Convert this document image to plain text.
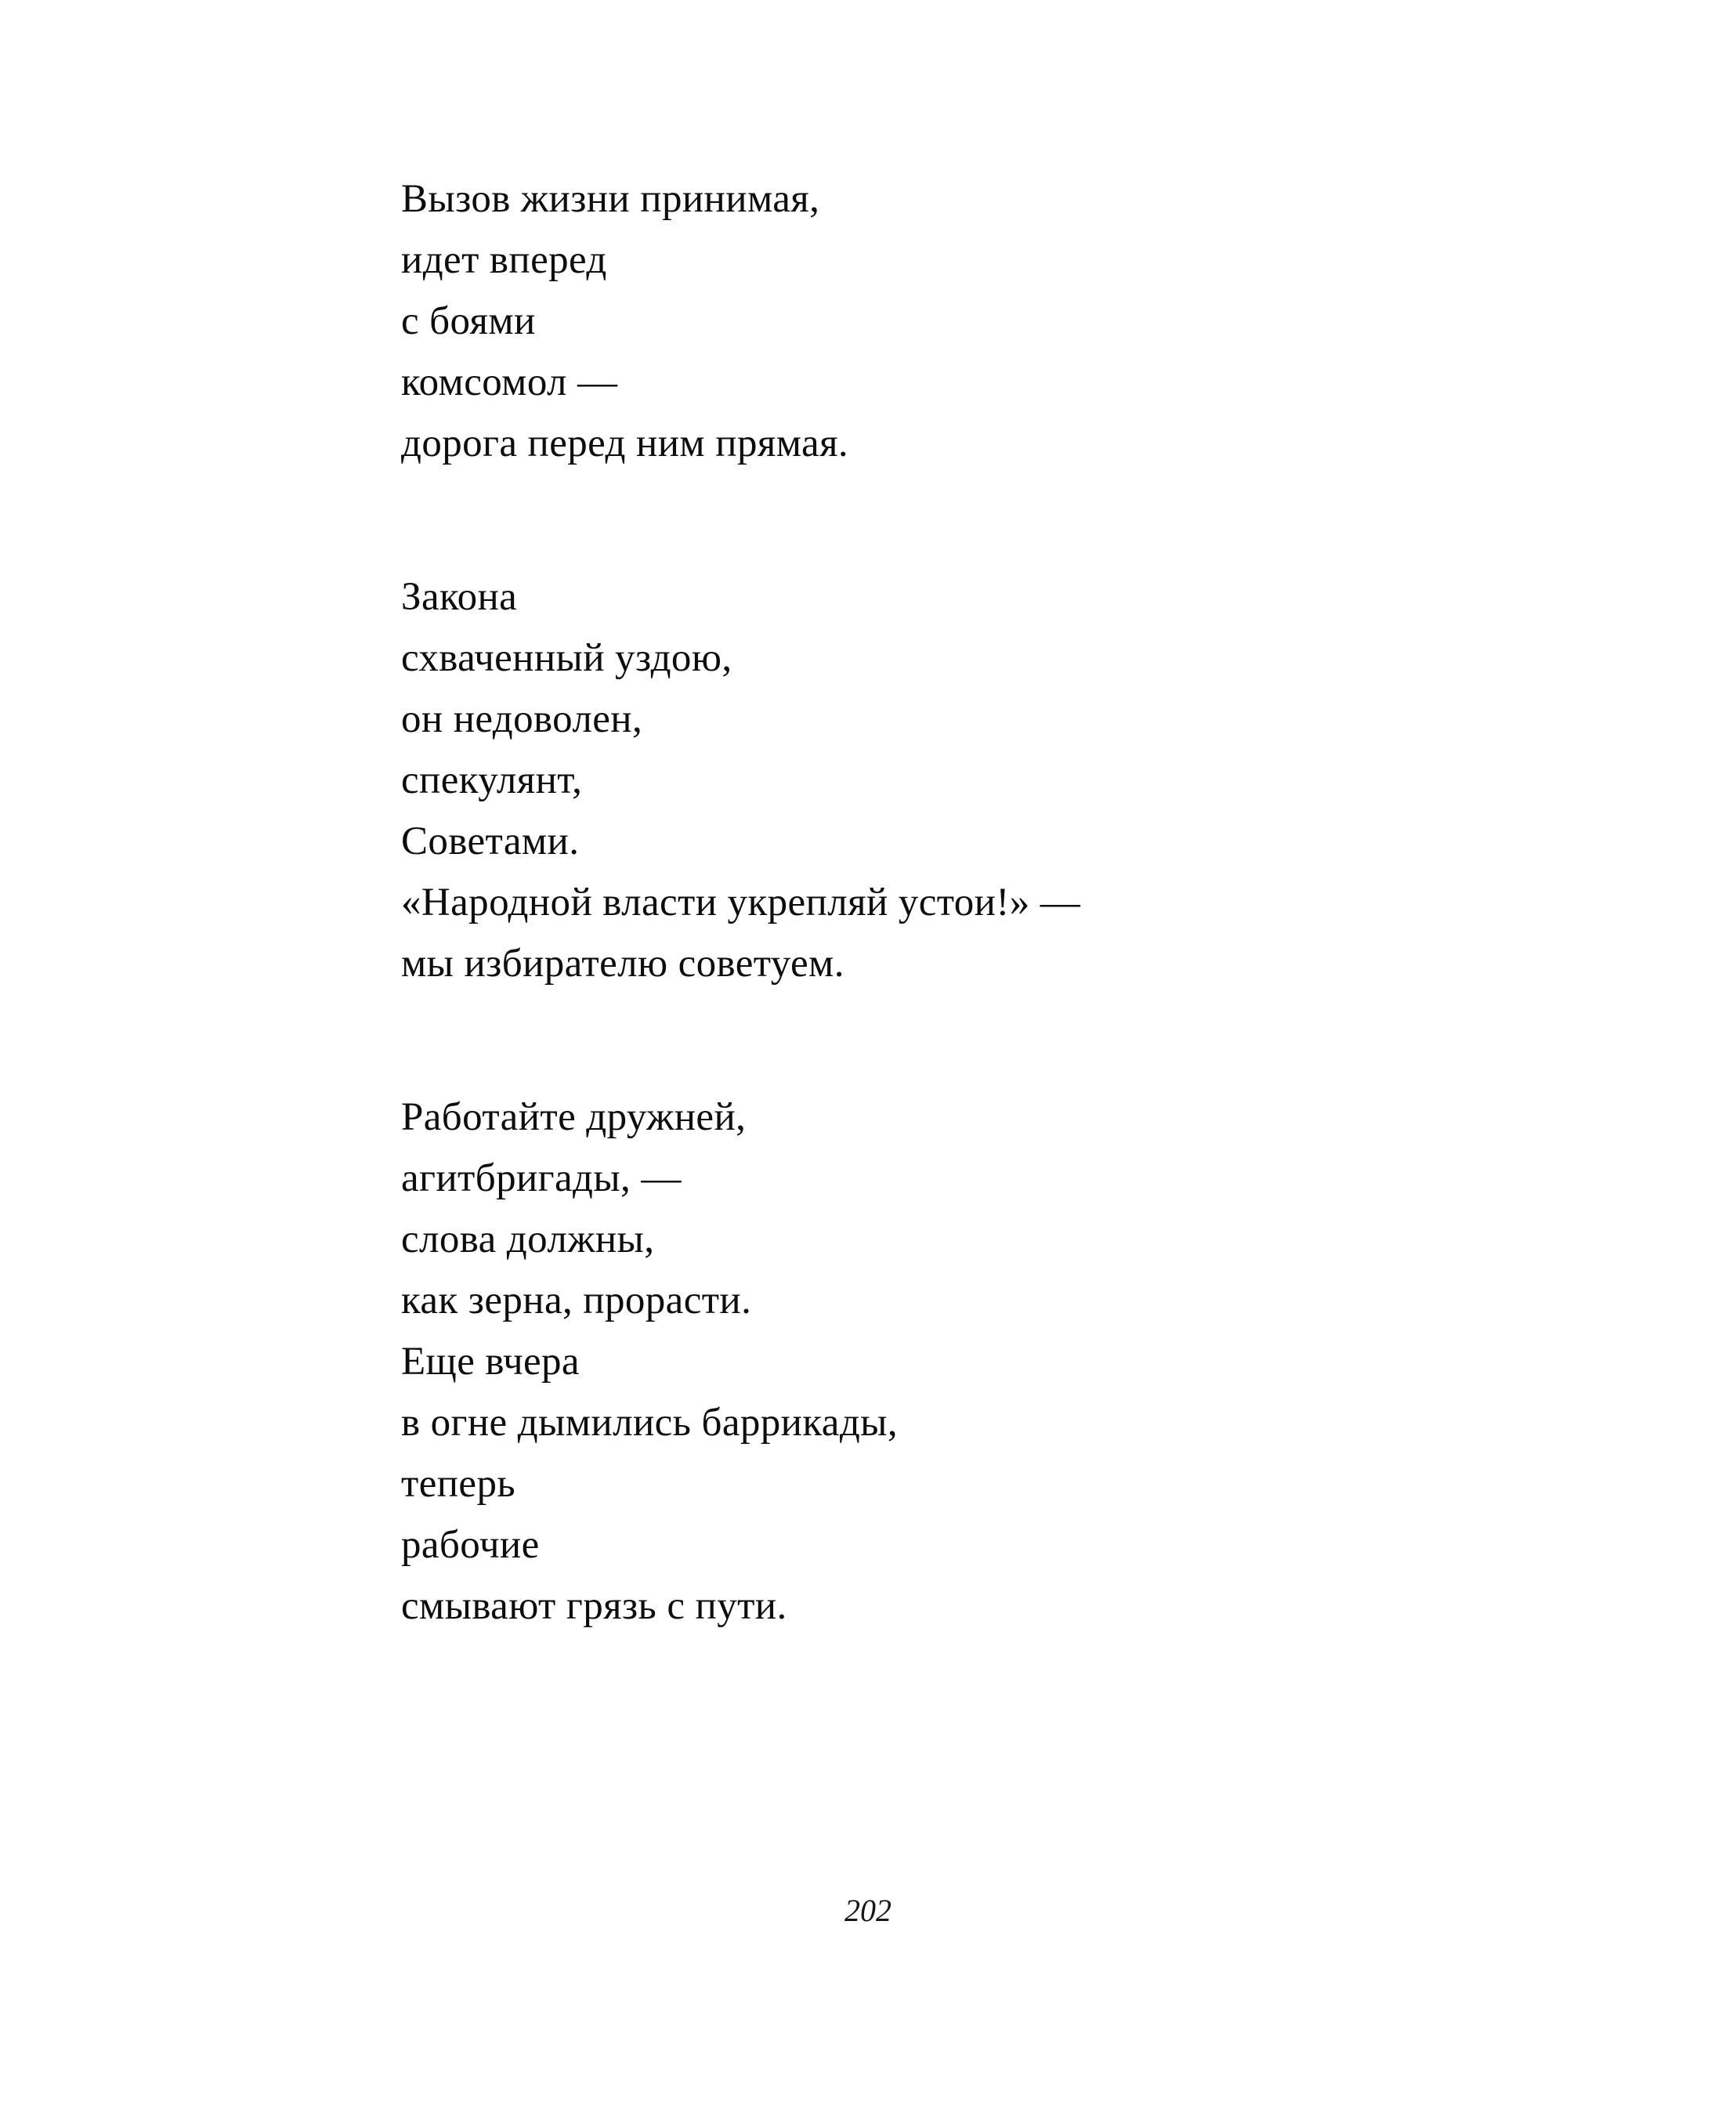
Вызов жизни принимая,
идет вперед
с боями
комсомол —
дорога перед ним прямая.
Закона
схваченный уздою,
он недоволен,
спекулянт,
Советами.
«Народной власти укрепляй устои!» —
мы избирателю советуем.
Работайте дружней,
агитбригады, —
слова должны,
как зерна, прорасти.
Еще вчера
в огне дымились баррикады,
теперь
рабочие
смывают грязь с пути.
202
